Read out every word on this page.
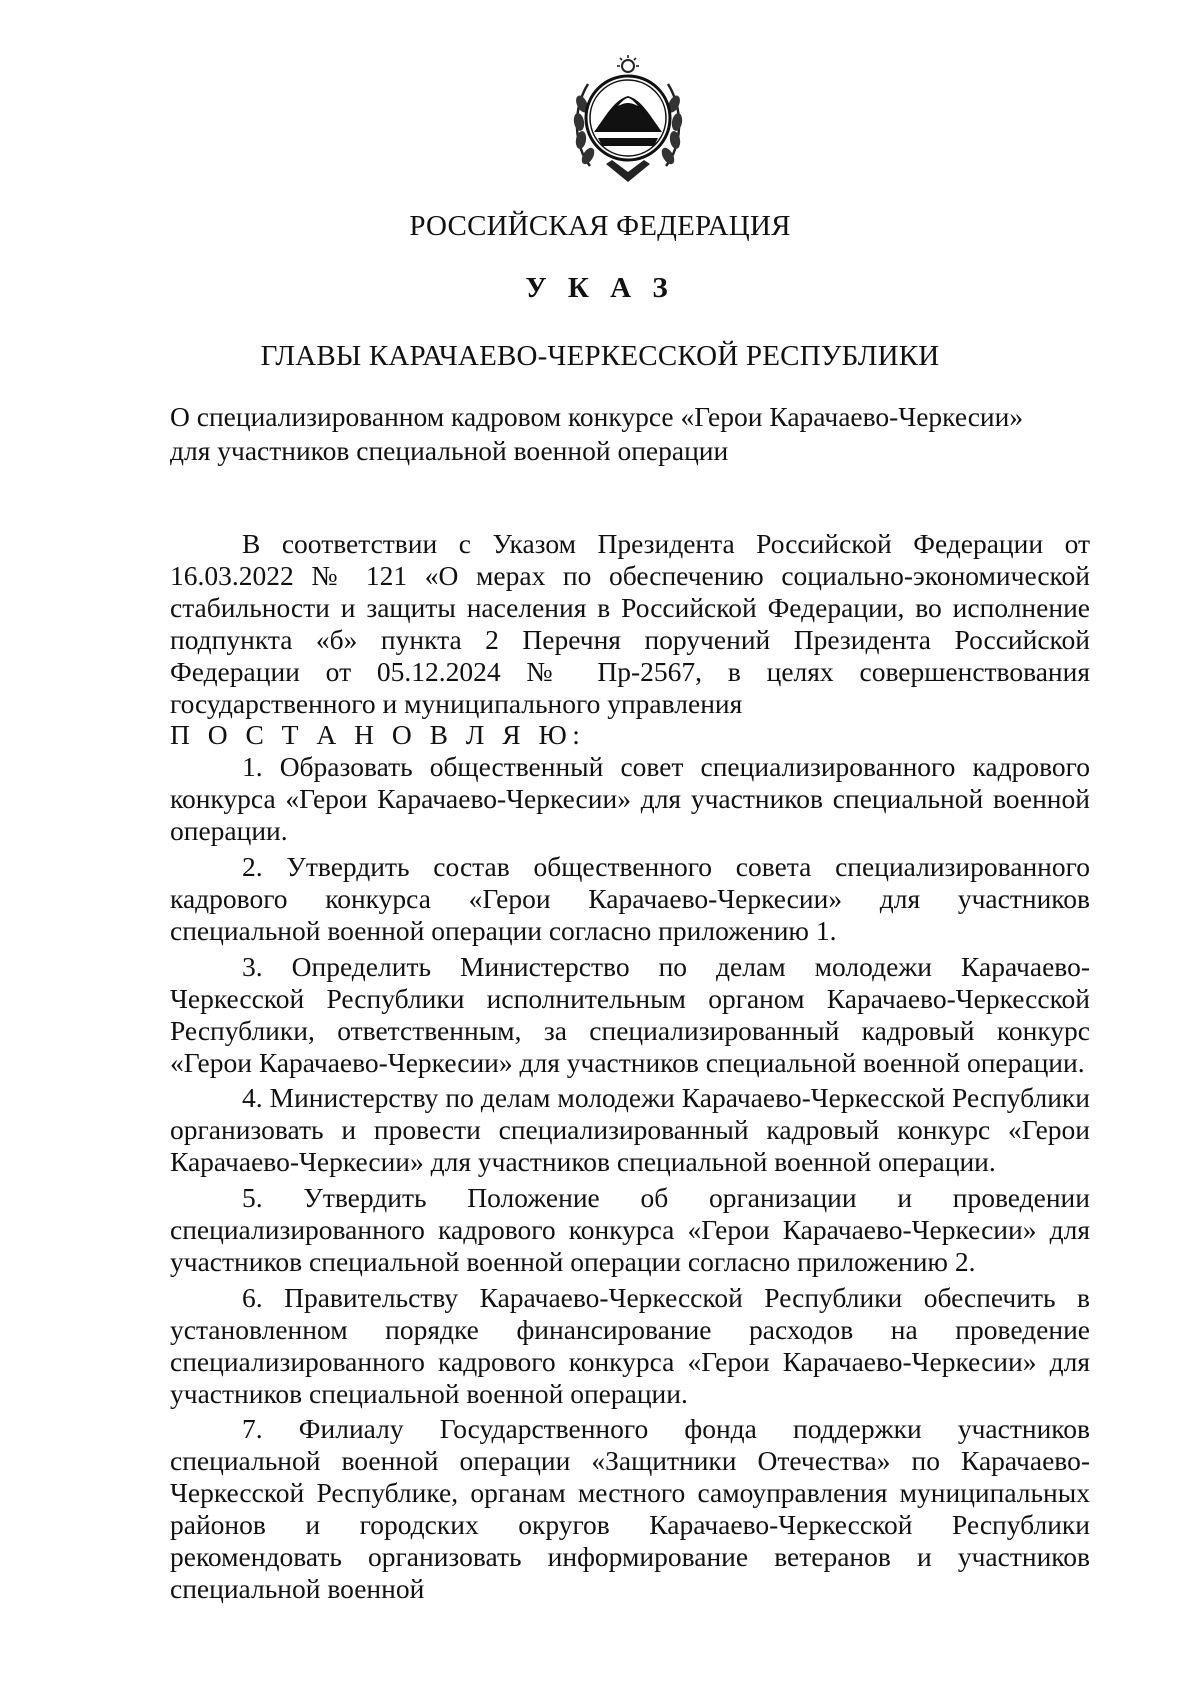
РОССИЙСКАЯ ФЕДЕРАЦИЯ
У К А З
ГЛАВЫ КАРАЧАЕВО-ЧЕРКЕССКОЙ РЕСПУБЛИКИ
О специализированном кадровом конкурсе «Герои Карачаево-Черкесии»
для участников специальной военной операции

В соответствии с Указом Президента Российской Федерации от 16.03.2022 № 121 «О мерах по обеспечению социально-экономической стабильности и защиты населения в Российской Федерации, во исполнение подпункта «б» пункта 2 Перечня поручений Президента Российской Федерации от 05.12.2024 № Пр-2567, в целях совершенствования государственного и муниципального управления

П О С Т А Н О В Л Я Ю:

1. Образовать общественный совет специализированного кадрового конкурса «Герои Карачаево-Черкесии» для участников специальной военной операции.

2. Утвердить состав общественного совета специализированного кадрового конкурса «Герои Карачаево-Черкесии» для участников специальной военной операции согласно приложению 1.

3. Определить Министерство по делам молодежи Карачаево-Черкесской Республики исполнительным органом Карачаево-Черкесской Республики, ответственным, за специализированный кадровый конкурс «Герои Карачаево-Черкесии» для участников специальной военной операции.

4. Министерству по делам молодежи Карачаево-Черкесской Республики организовать и провести специализированный кадровый конкурс «Герои Карачаево-Черкесии» для участников специальной военной операции.

5. Утвердить Положение об организации и проведении специализированного кадрового конкурса «Герои Карачаево-Черкесии» для участников специальной военной операции согласно приложению 2.

6. Правительству Карачаево-Черкесской Республики обеспечить в установленном порядке финансирование расходов на проведение специализированного кадрового конкурса «Герои Карачаево-Черкесии» для участников специальной военной операции.

7. Филиалу Государственного фонда поддержки участников специальной военной операции «Защитники Отечества» по Карачаево-Черкесской Республике, органам местного самоуправления муниципальных районов и городских округов Карачаево-Черкесской Республики рекомендовать организовать информирование ветеранов и участников специальной военной
